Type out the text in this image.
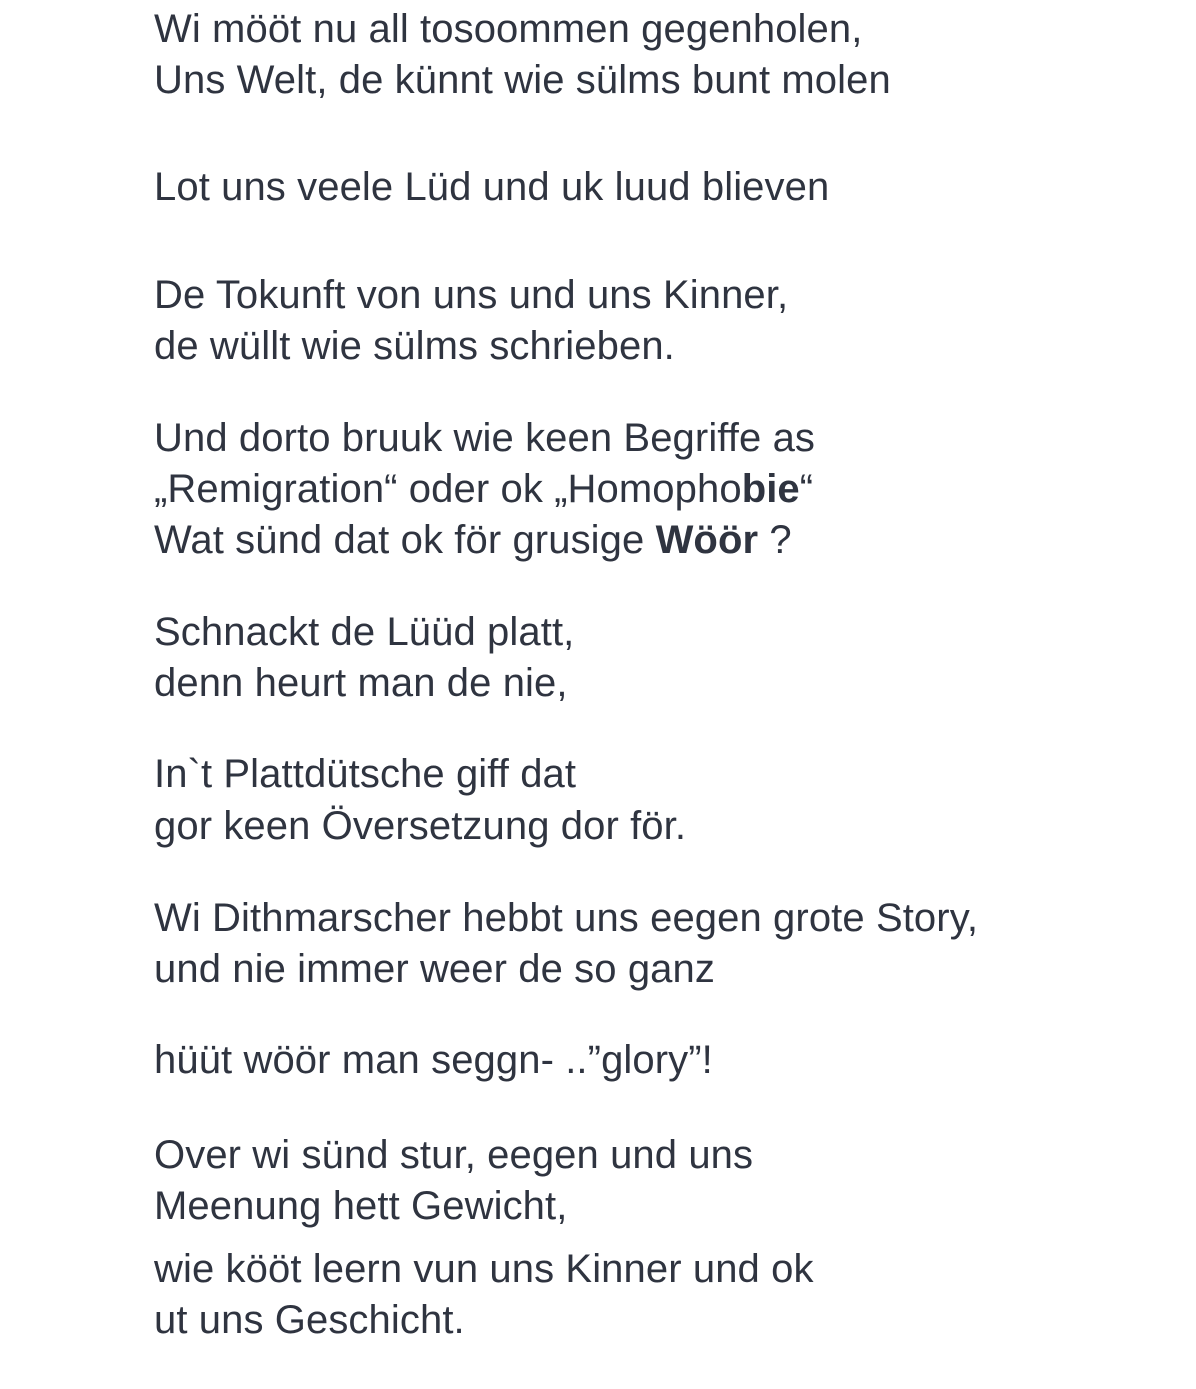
Wi mööt nu all tosoommen gegenholen,
Uns Welt, de künnt wie sülms bunt molen
Lot uns veele Lüd und uk luud blieven
De Tokunft von uns und uns Kinner,
de wüllt wie sülms schrieben.
Und dorto bruuk wie keen Begriffe as
„Remigration“ oder ok „Homophobie“
Wat sünd dat ok för grusige Wöör ?
Schnackt de Lüüd platt,
denn heurt man de nie,
In`t Plattdütsche giff dat
gor keen Översetzung dor för.
Wi Dithmarscher hebbt uns eegen grote Story,
und nie immer weer de so ganz
hüüt wöör man seggn- ..”glory”!
Over wi sünd stur, eegen und uns
Meenung hett Gewicht,
wie kööt leern vun uns Kinner und ok
ut uns Geschicht.
